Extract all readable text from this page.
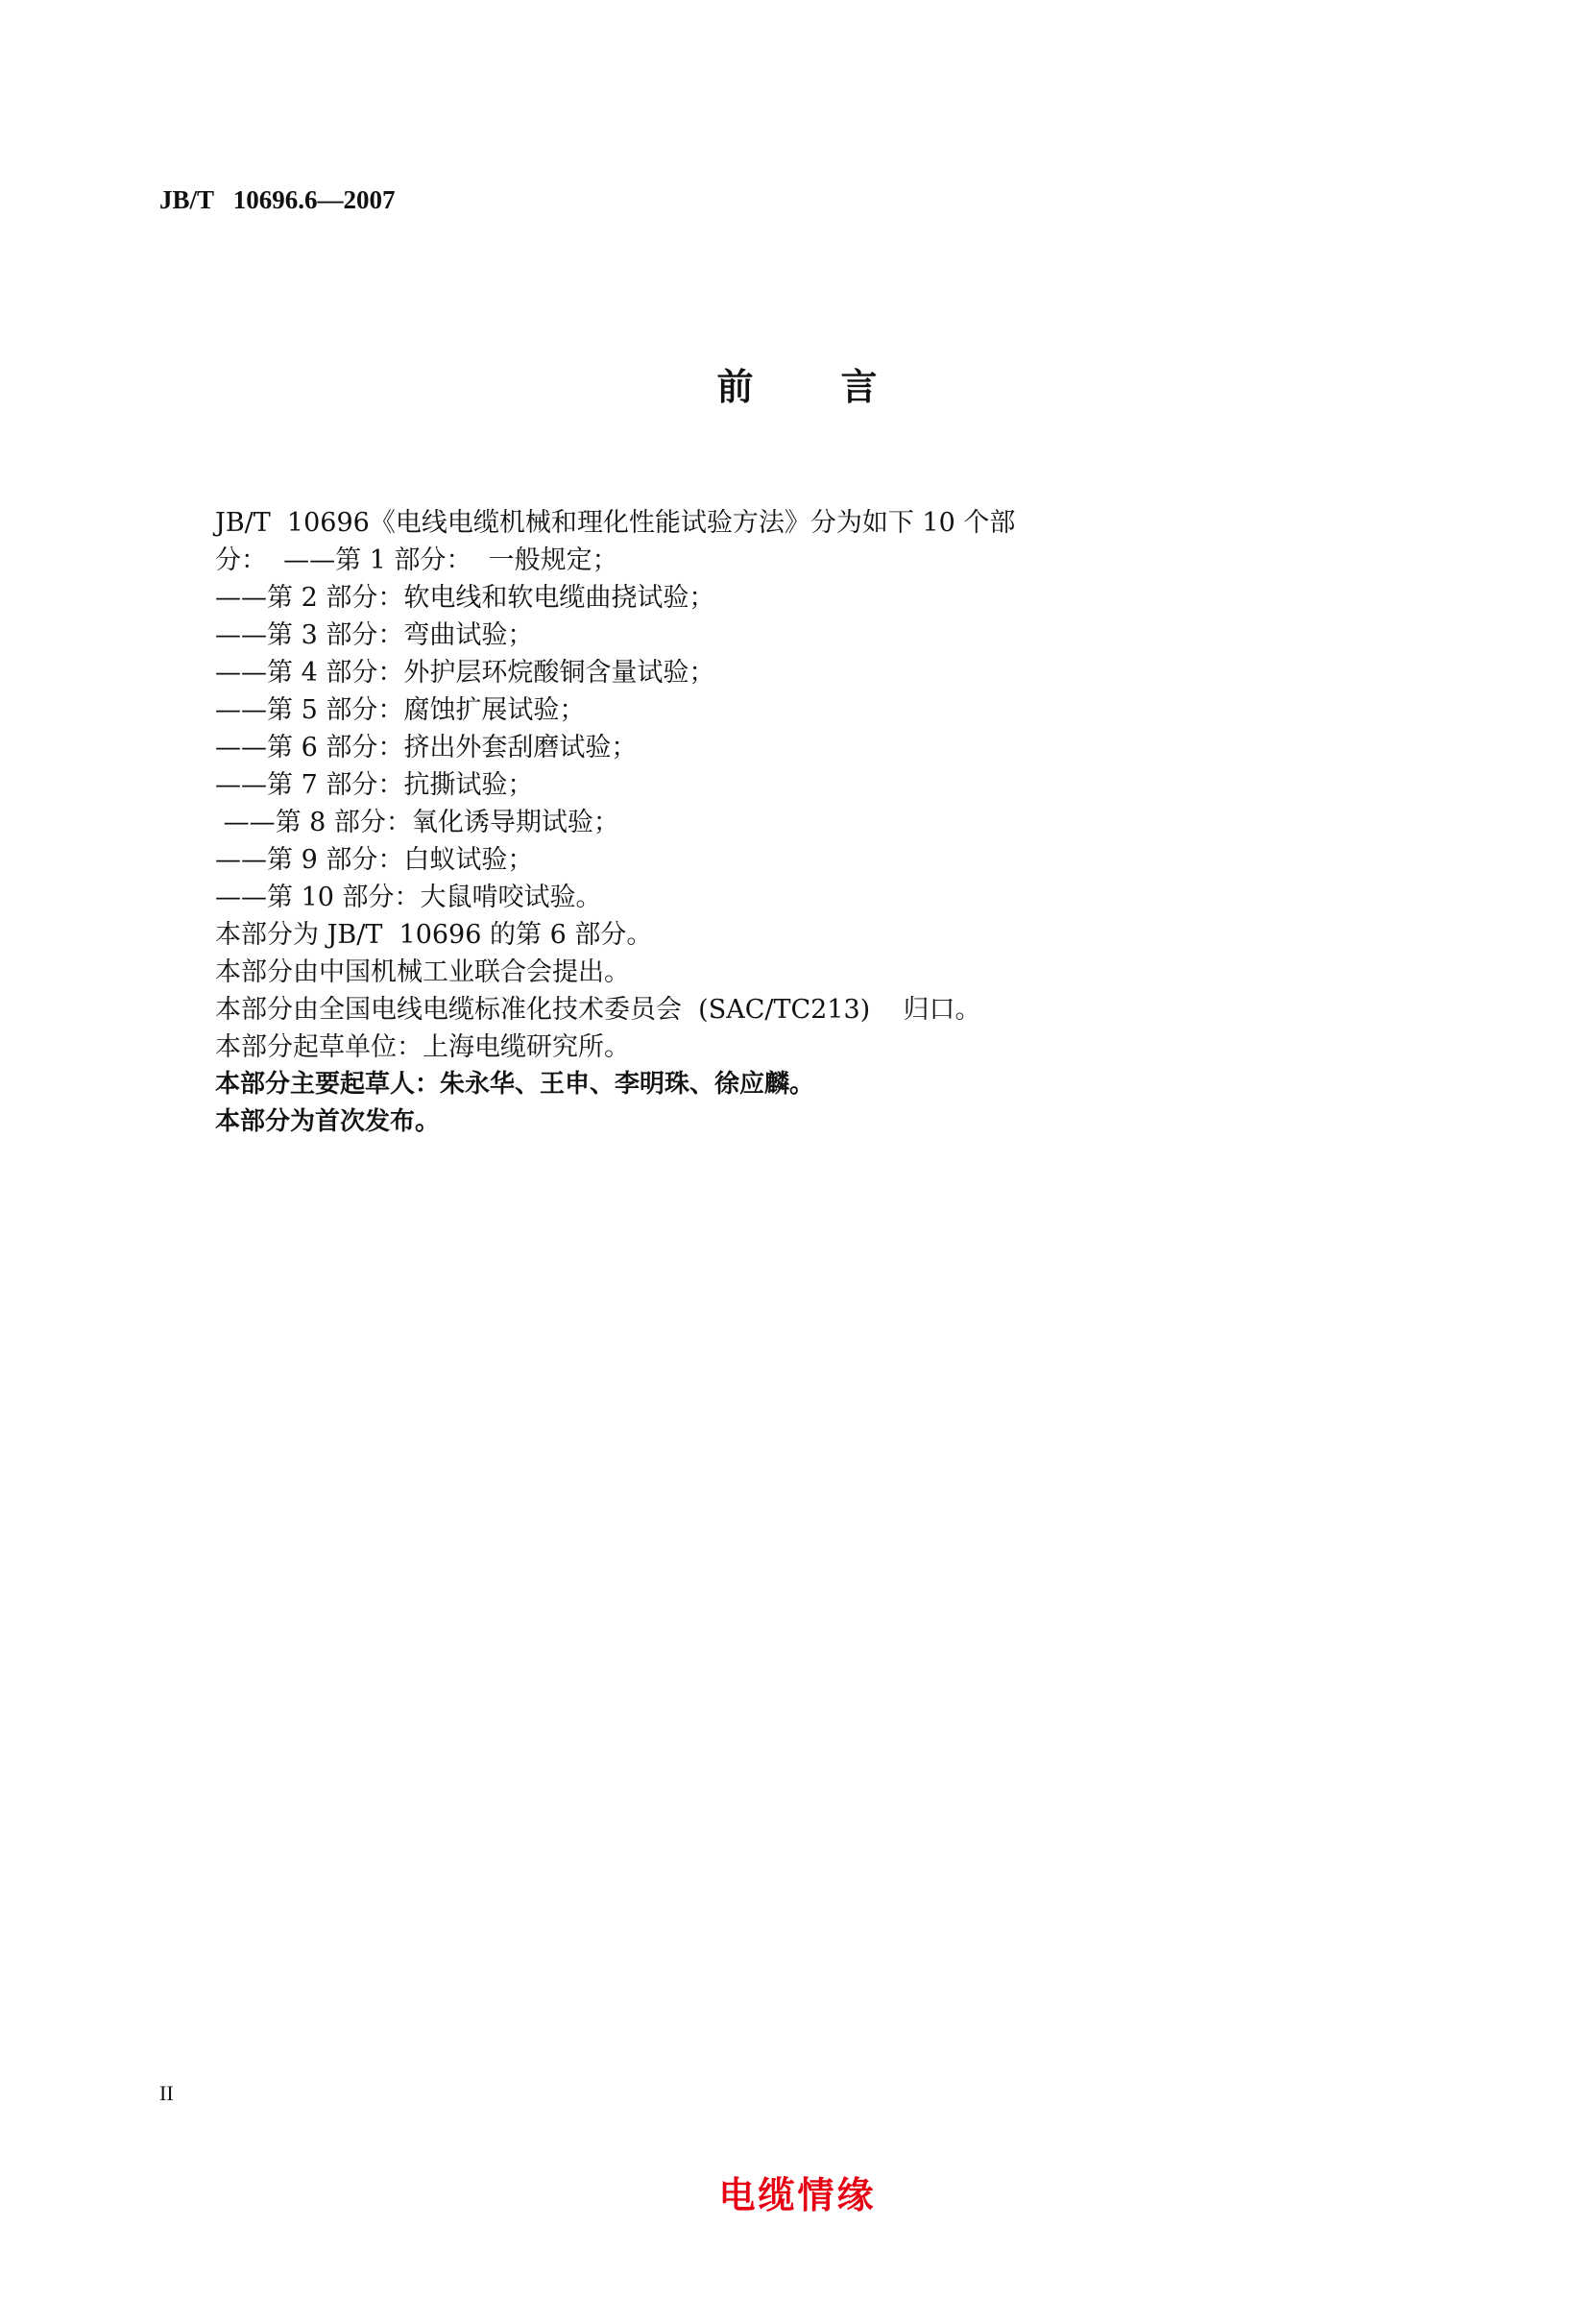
JB/T   10696.6—2007
前 言
JB/T  10696《电线电缆机械和理化性能试验方法》分为如下 10 个部
分：  ——第 1 部分：  一般规定；
——第 2 部分：软电线和软电缆曲挠试验；
——第 3 部分：弯曲试验；
——第 4 部分：外护层环烷酸铜含量试验；
——第 5 部分：腐蚀扩展试验；
——第 6 部分：挤出外套刮磨试验；
——第 7 部分：抗撕试验；
——第 8 部分：氧化诱导期试验；
——第 9 部分：白蚁试验；
——第 10 部分：大鼠啃咬试验。
本部分为 JB/T  10696 的第 6 部分。
本部分由中国机械工业联合会提出。
本部分由全国电线电缆标准化技术委员会  (SAC/TC213)    归口。
本部分起草单位：上海电缆研究所。
本部分主要起草人：朱永华、王申、李明珠、徐应麟。
本部分为首次发布。
II
电缆情缘
